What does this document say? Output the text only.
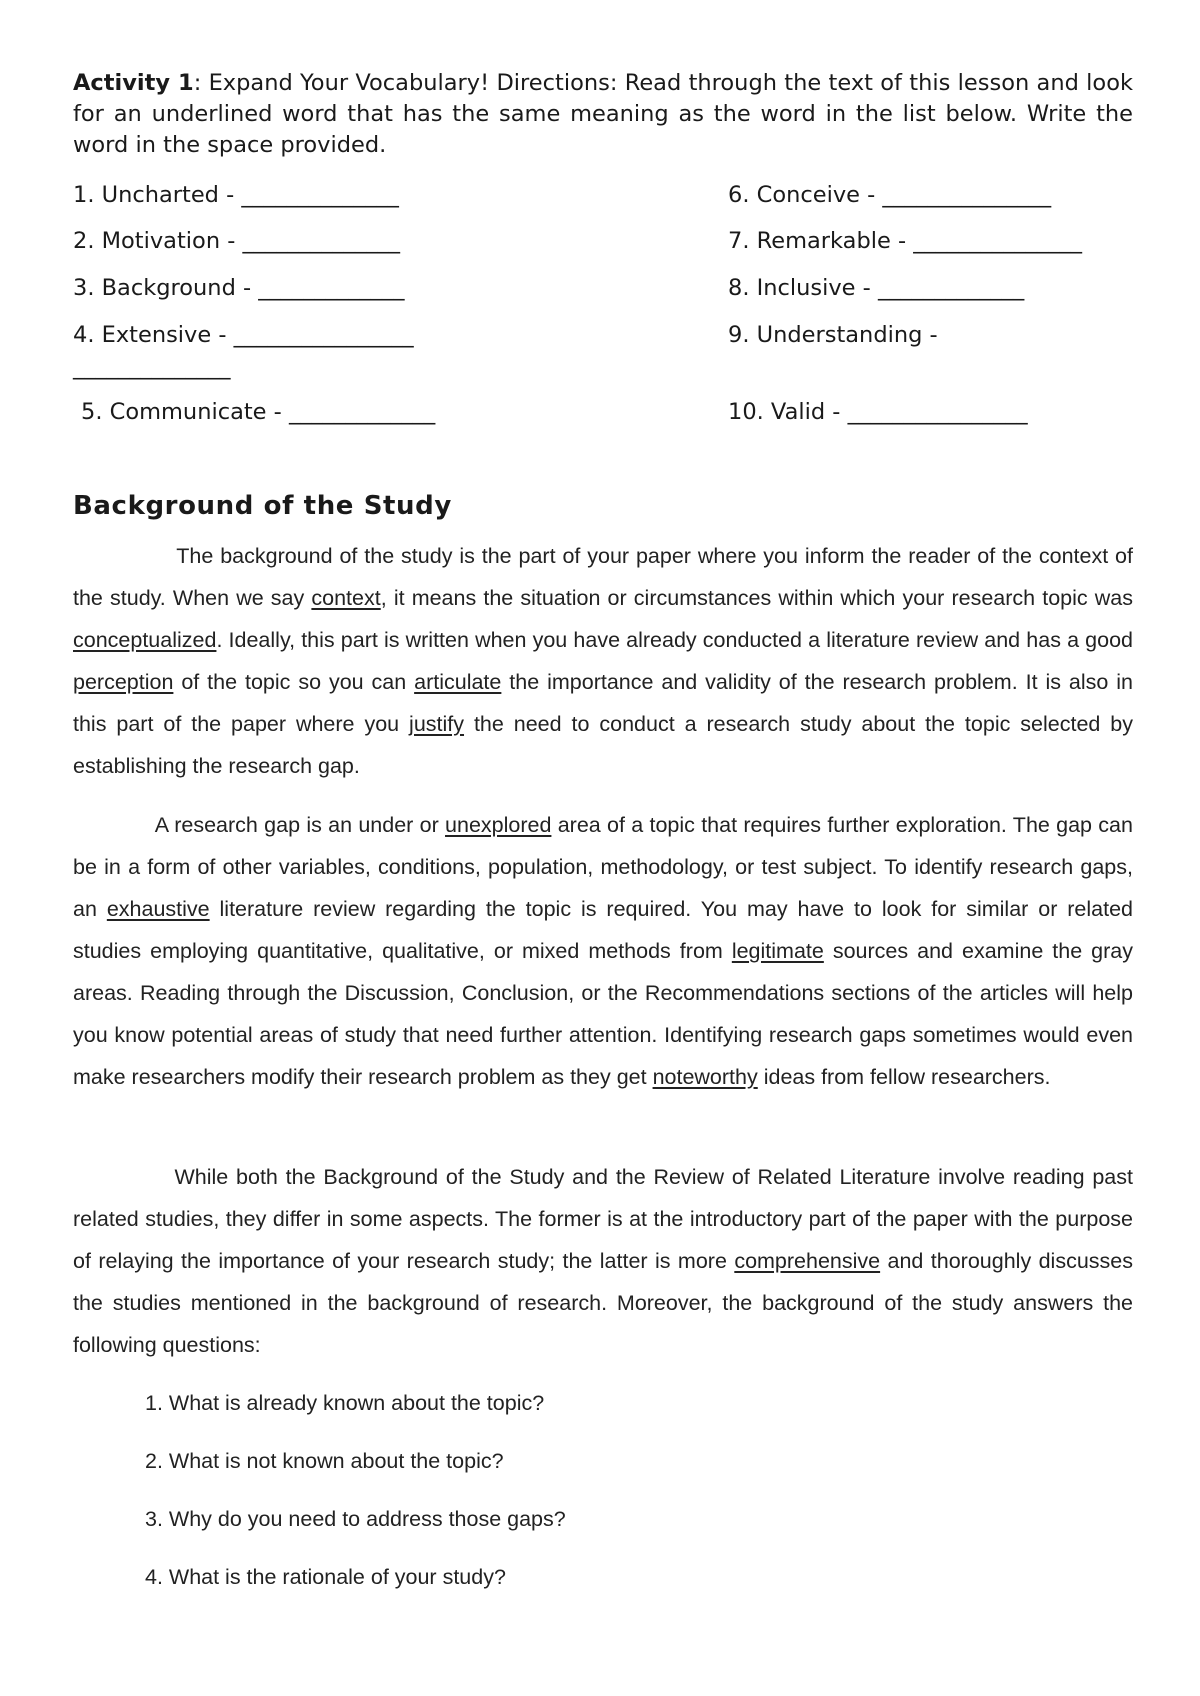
Activity 1: Expand Your Vocabulary! Directions: Read through the text of this lesson and look for an underlined word that has the same meaning as the word in the list below. Write the word in the space provided.

1. Uncharted - ______________

2. Motivation - ______________

3. Background - _____________

4. Extensive - ________________

______________

5. Communicate - _____________

6. Conceive - _______________

7. Remarkable - _______________

8. Inclusive - _____________

9. Understanding -

10. Valid - ________________

Background of the Study

The background of the study is the part of your paper where you inform the reader of the context of the study. When we say context, it means the situation or circumstances within which your research topic was conceptualized. Ideally, this part is written when you have already conducted a literature review and has a good perception of the topic so you can articulate the importance and validity of the research problem. It is also in this part of the paper where you justify the need to conduct a research study about the topic selected by establishing the research gap.

A research gap is an under or unexplored area of a topic that requires further exploration. The gap can be in a form of other variables, conditions, population, methodology, or test subject. To identify research gaps, an exhaustive literature review regarding the topic is required. You may have to look for similar or related studies employing quantitative, qualitative, or mixed methods from legitimate sources and examine the gray areas. Reading through the Discussion, Conclusion, or the Recommendations sections of the articles will help you know potential areas of study that need further attention. Identifying research gaps sometimes would even make researchers modify their research problem as they get noteworthy ideas from fellow researchers.

While both the Background of the Study and the Review of Related Literature involve reading past related studies, they differ in some aspects. The former is at the introductory part of the paper with the purpose of relaying the importance of your research study; the latter is more comprehensive and thoroughly discusses the studies mentioned in the background of research. Moreover, the background of the study answers the following questions:

1. What is already known about the topic?

2. What is not known about the topic?

3. Why do you need to address those gaps?

4. What is the rationale of your study?
